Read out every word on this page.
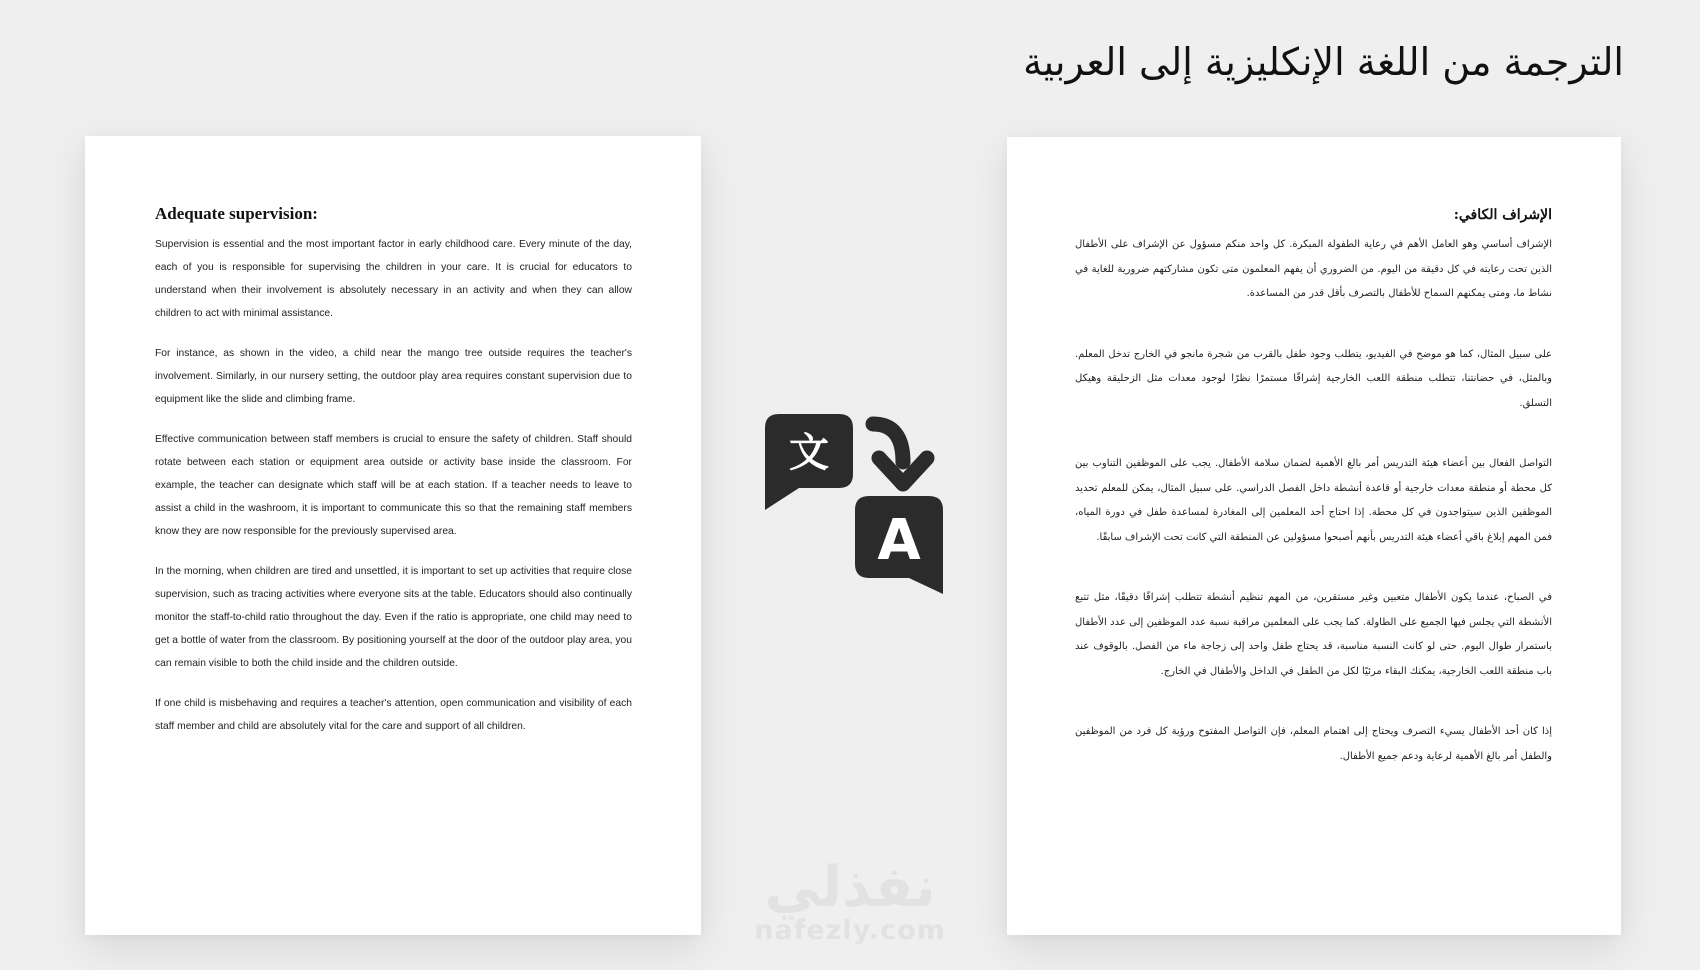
الترجمة من اللغة الإنكليزية إلى العربية
Adequate supervision:

Supervision is essential and the most important factor in early childhood care. Every minute of the day, each of you is responsible for supervising the children in your care. It is crucial for educators to understand when their involvement is absolutely necessary in an activity and when they can allow children to act with minimal assistance.

For instance, as shown in the video, a child near the mango tree outside requires the teacher's involvement. Similarly, in our nursery setting, the outdoor play area requires constant supervision due to equipment like the slide and climbing frame.

Effective communication between staff members is crucial to ensure the safety of children. Staff should rotate between each station or equipment area outside or activity base inside the classroom. For example, the teacher can designate which staff will be at each station. If a teacher needs to leave to assist a child in the washroom, it is important to communicate this so that the remaining staff members know they are now responsible for the previously supervised area.

In the morning, when children are tired and unsettled, it is important to set up activities that require close supervision, such as tracing activities where everyone sits at the table. Educators should also continually monitor the staff-to-child ratio throughout the day. Even if the ratio is appropriate, one child may need to get a bottle of water from the classroom. By positioning yourself at the door of the outdoor play area, you can remain visible to both the child inside and the children outside.

If one child is misbehaving and requires a teacher's attention, open communication and visibility of each staff member and child are absolutely vital for the care and support of all children.

文
A
الإشراف الكافي:

الإشراف أساسي وهو العامل الأهم في رعاية الطفولة المبكرة. كل واحد منكم مسؤول عن الإشراف على الأطفال الذين تحت رعايته في كل دقيقة من اليوم. من الضروري أن يفهم المعلمون متى تكون مشاركتهم ضرورية للغاية في نشاط ما، ومتى يمكنهم السماح للأطفال بالتصرف بأقل قدر من المساعدة.

على سبيل المثال، كما هو موضح في الفيديو، يتطلب وجود طفل بالقرب من شجرة مانجو في الخارج تدخل المعلم. وبالمثل، في حضانتنا، تتطلب منطقة اللعب الخارجية إشرافًا مستمرًا نظرًا لوجود معدات مثل الزحليقة وهيكل التسلق.

التواصل الفعال بين أعضاء هيئة التدريس أمر بالغ الأهمية لضمان سلامة الأطفال. يجب على الموظفين التناوب بين كل محطة أو منطقة معدات خارجية أو قاعدة أنشطة داخل الفصل الدراسي. على سبيل المثال، يمكن للمعلم تحديد الموظفين الذين سيتواجدون في كل محطة. إذا احتاج أحد المعلمين إلى المغادرة لمساعدة طفل في دورة المياه، فمن المهم إبلاغ باقي أعضاء هيئة التدريس بأنهم أصبحوا مسؤولين عن المنطقة التي كانت تحت الإشراف سابقًا.

في الصباح، عندما يكون الأطفال متعبين وغير مستقرين، من المهم تنظيم أنشطة تتطلب إشرافًا دقيقًا، مثل تتبع الأنشطة التي يجلس فيها الجميع على الطاولة. كما يجب على المعلمين مراقبة نسبة عدد الموظفين إلى عدد الأطفال باستمرار طوال اليوم. حتى لو كانت النسبة مناسبة، قد يحتاج طفل واحد إلى زجاجة ماء من الفصل. بالوقوف عند باب منطقة اللعب الخارجية، يمكنك البقاء مرئيًا لكل من الطفل في الداخل والأطفال في الخارج.

إذا كان أحد الأطفال يسيء التصرف ويحتاج إلى اهتمام المعلم، فإن التواصل المفتوح ورؤية كل فرد من الموظفين والطفل أمر بالغ الأهمية لرعاية ودعم جميع الأطفال.

نفذلي
nafezly.com
